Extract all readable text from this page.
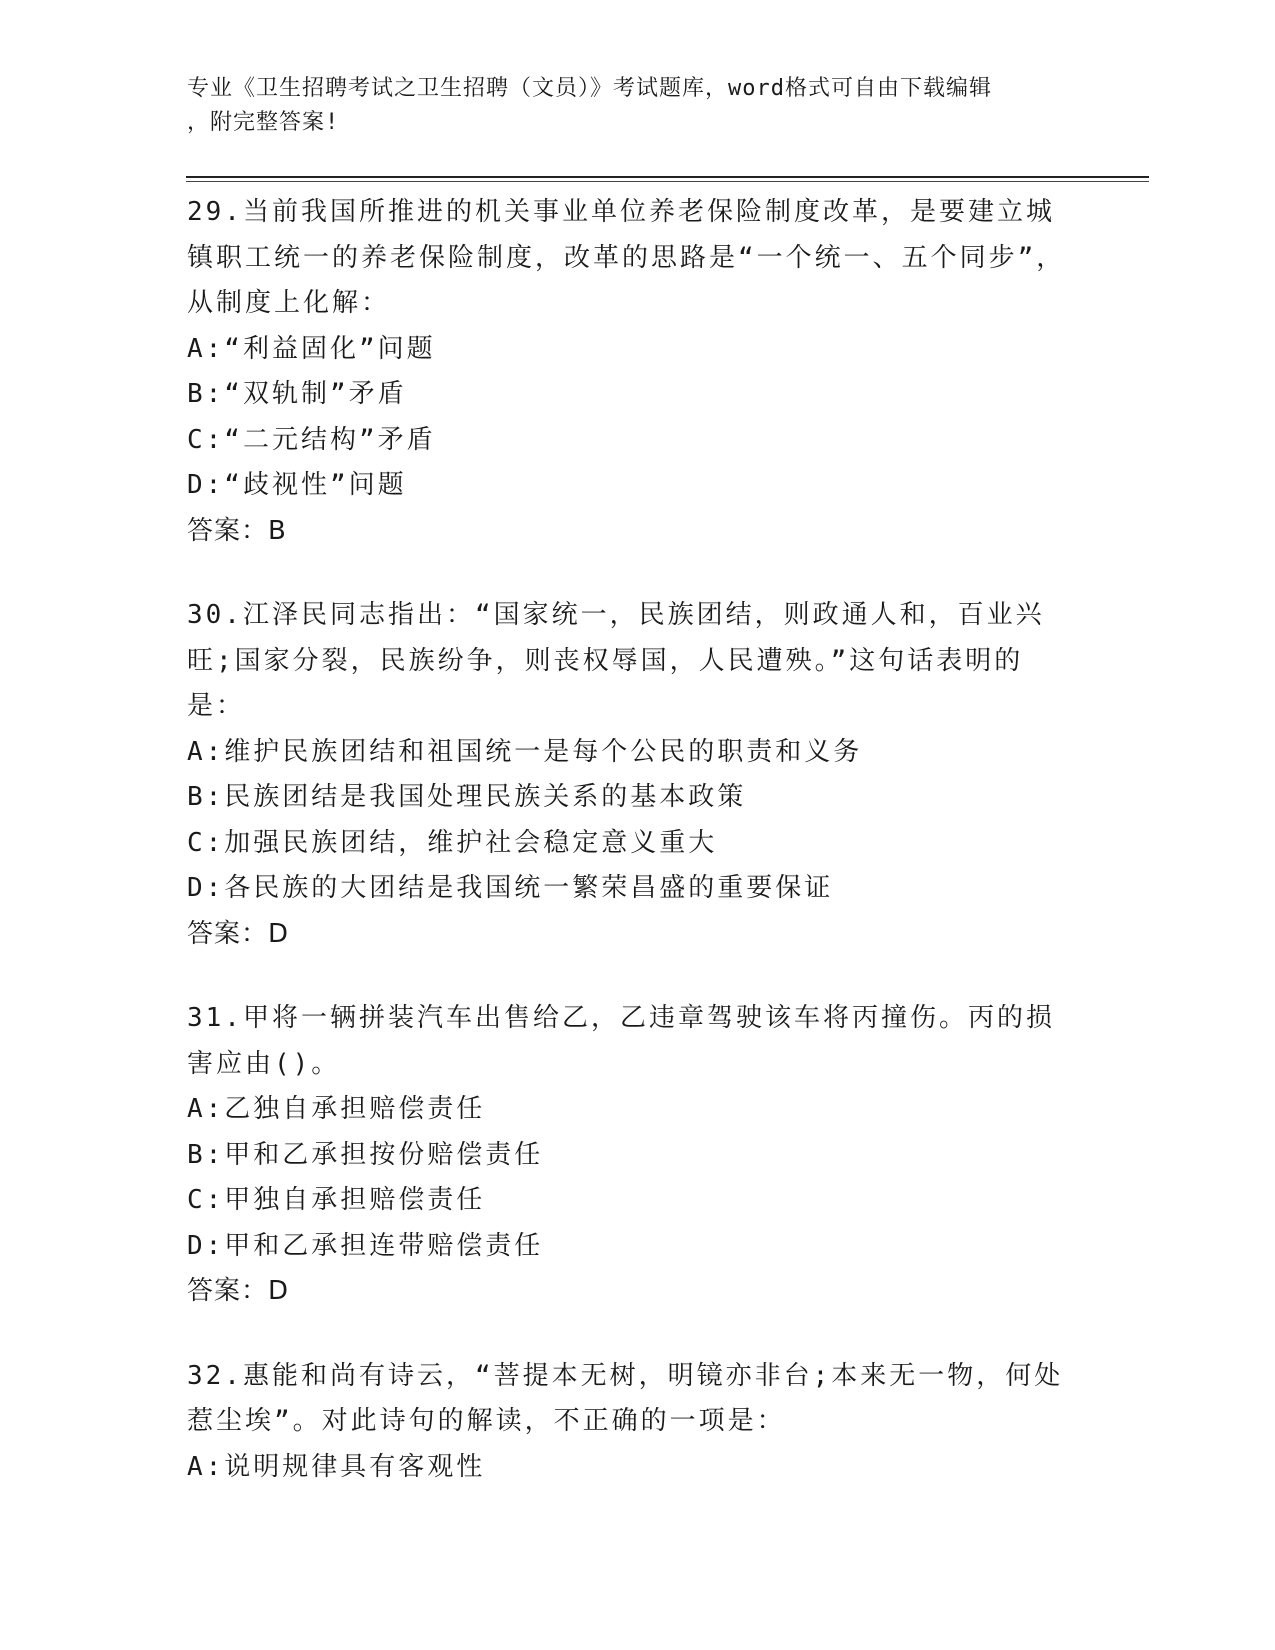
专业《卫生招聘考试之卫生招聘（文员）》考试题库，word格式可自由下载编辑
，附完整答案!

29.当前我国所推进的机关事业单位养老保险制度改革，是要建立城镇职工统一的养老保险制度，改革的思路是“一个统一、五个同步”，从制度上化解：

A:“利益固化”问题

B:“双轨制”矛盾

C:“二元结构”矛盾

D:“歧视性”问题

答案：B

30.江泽民同志指出：“国家统一，民族团结，则政通人和，百业兴旺;国家分裂，民族纷争，则丧权辱国，人民遭殃。”这句话表明的是：

A:维护民族团结和祖国统一是每个公民的职责和义务

B:民族团结是我国处理民族关系的基本政策

C:加强民族团结，维护社会稳定意义重大

D:各民族的大团结是我国统一繁荣昌盛的重要保证

答案：D

31.甲将一辆拼装汽车出售给乙，乙违章驾驶该车将丙撞伤。丙的损害应由()。

A:乙独自承担赔偿责任

B:甲和乙承担按份赔偿责任

C:甲独自承担赔偿责任

D:甲和乙承担连带赔偿责任

答案：D

32.惠能和尚有诗云，“菩提本无树，明镜亦非台;本来无一物，何处惹尘埃”。对此诗句的解读，不正确的一项是：

A:说明规律具有客观性
